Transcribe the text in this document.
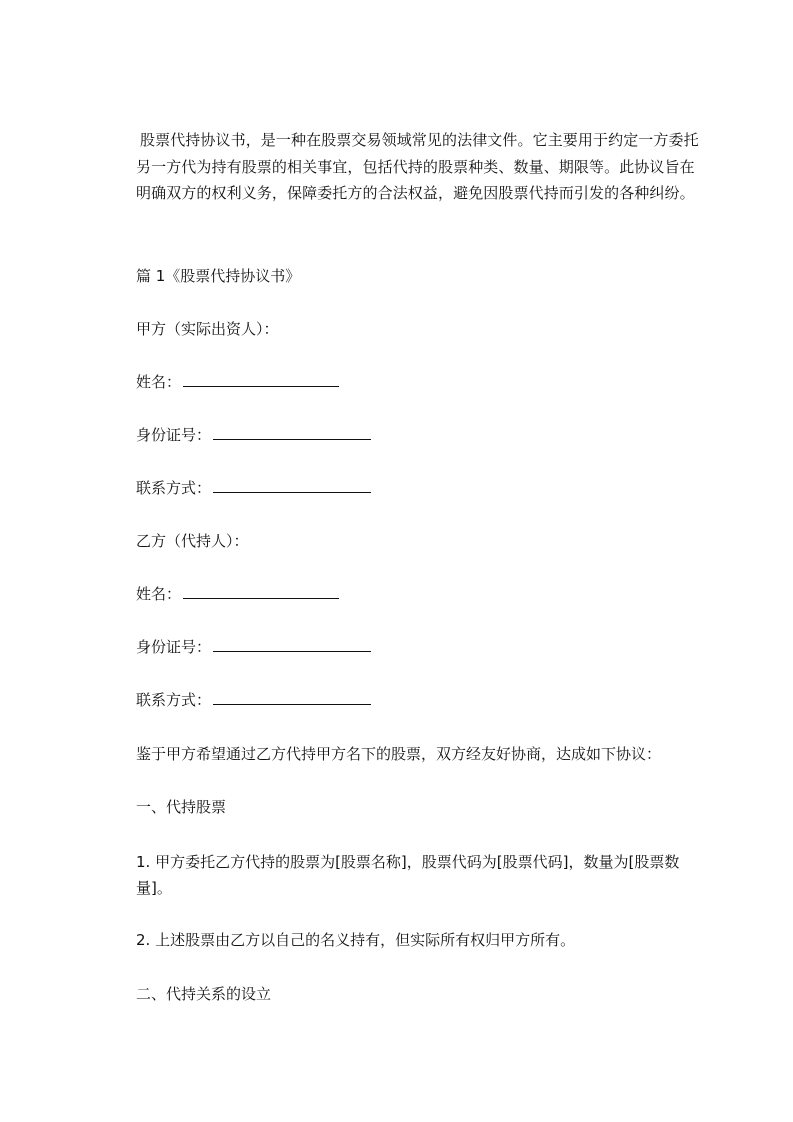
股票代持协议书，是一种在股票交易领域常见的法律文件。它主要用于约定一方委托另一方代为持有股票的相关事宜，包括代持的股票种类、数量、期限等。此协议旨在明确双方的权利义务，保障委托方的合法权益，避免因股票代持而引发的各种纠纷。

篇 1《股票代持协议书》

甲方（实际出资人）：

姓名：

身份证号：

联系方式：

乙方（代持人）：

姓名：

身份证号：

联系方式：

鉴于甲方希望通过乙方代持甲方名下的股票，双方经友好协商，达成如下协议：

一、代持股票

1. 甲方委托乙方代持的股票为[股票名称]，股票代码为[股票代码]，数量为[股票数量]。

2. 上述股票由乙方以自己的名义持有，但实际所有权归甲方所有。

二、代持关系的设立
